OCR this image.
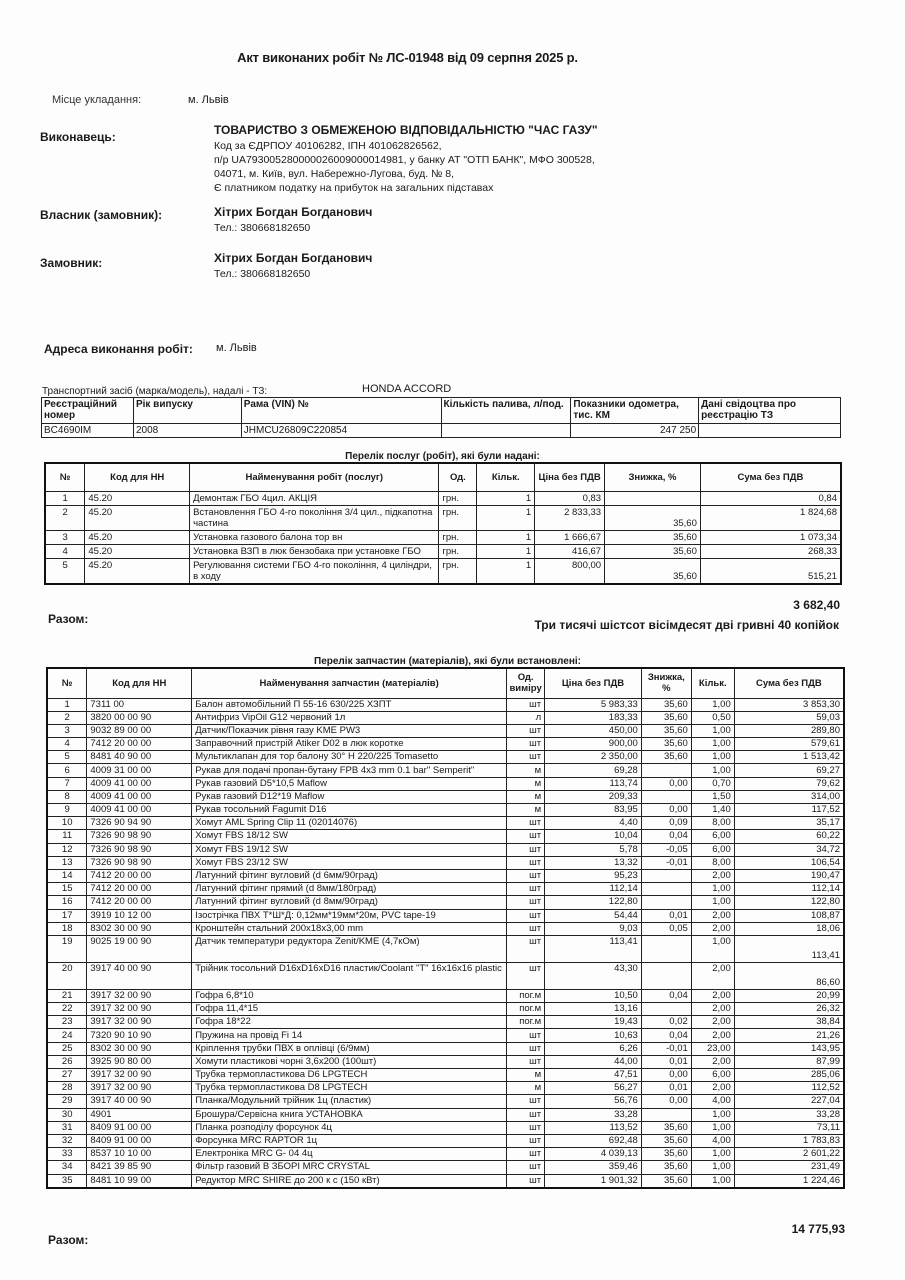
Акт виконаних робіт № ЛС-01948 від 09 серпня 2025 р.
Місце укладання:	м. Львів
Виконавець:	ТОВАРИСТВО З ОБМЕЖЕНОЮ ВІДПОВІДАЛЬНІСТЮ "ЧАС ГАЗУ"
Код за ЄДРПОУ 40106282, ІПН 401062826562,
п/р UA793005280000026009000014981, у банку АТ "ОТП БАНК", МФО 300528,
04071, м. Київ, вул. Набережно-Лугова, буд. № 8,
Є платником податку на прибуток на загальних підставах
Власник (замовник):	Хітрих Богдан Богданович
Тел.: 380668182650
Замовник:	Хітрих Богдан Богданович
Тел.: 380668182650
Адреса виконання робіт: м. Львів
Транспортний засіб (марка/модель), надалі - ТЗ:	HONDA ACCORD
Реєстраційний номер	Рік випуску	Рама (VIN) №	Кількість палива, л/под.	Показники одометра, тис. КМ	Дані свідоцтва про реєстрацію ТЗ
BC4690IM	2008	JHMCU26809C220854		247 250	
Перелік послуг (робіт), які були надані:
№	Код для НН	Найменування робіт (послуг)	Од.	Кільк.	Ціна без ПДВ	Знижка, %	Сума без ПДВ
1	45.20	Демонтаж ГБО 4цил. АКЦІЯ	грн.	1	0,83		0,84
2	45.20	Встановлення ГБО 4-го покоління 3/4 цил., підкапотна частина	грн.	1	2 833,33	35,60	1 824,68
3	45.20	Установка газового балона тор вн	грн.	1	1 666,67	35,60	1 073,34
4	45.20	Установка ВЗП в люк бензобака при установке ГБО	грн.	1	416,67	35,60	268,33
5	45.20	Регулювання системи ГБО 4-го покоління, 4 циліндри, в ходу	грн.	1	800,00	35,60	515,21
Разом:
3 682,40
Три тисячі шістсот вісімдесят дві гривні 40 копійок
Перелік запчастин (матеріалів), які були встановлені:
№	Код для НН	Найменування запчастин (матеріалів)	Од. виміру	Ціна без ПДВ	Знижка, %	Кільк.	Сума без ПДВ
1	7311 00	Балон автомобільний П 55-16 630/225 ХЗПТ	шт	5 983,33	35,60	1,00	3 853,30
2	3820 00 00 90	Антифриз VipOil G12 червоний 1л	л	183,33	35,60	0,50	59,03
3	9032 89 00 00	Датчик/Показчик рівня газу KME PW3	шт	450,00	35,60	1,00	289,80
4	7412 20 00 00	Заправочний пристрій Atiker D02 в люк коротке	шт	900,00	35,60	1,00	579,61
5	8481 40 90 00	Мультиклапан для тор балону 30° H 220/225 Tomasetto	шт	2 350,00	35,60	1,00	1 513,42
6	4009 31 00 00	Рукав для подачі пропан-бутану FPB 4x3 mm 0.1 bar" Semperit"	м	69,28		1,00	69,27
7	4009 41 00 00	Рукав газовий D5*10,5 Maflow	м	113,74	0,00	0,70	79,62
8	4009 41 00 00	Рукав газовий D12*19 Maflow	м	209,33		1,50	314,00
9	4009 41 00 00	Рукав тосольний Fagumit D16	м	83,95	0,00	1,40	117,52
10	7326 90 94 90	Хомут AML Spring Clip 11 (02014076)	шт	4,40	0,09	8,00	35,17
11	7326 90 98 90	Хомут FBS 18/12 SW	шт	10,04	0,04	6,00	60,22
12	7326 90 98 90	Хомут FBS 19/12 SW	шт	5,78	-0,05	6,00	34,72
13	7326 90 98 90	Хомут FBS 23/12 SW	шт	13,32	-0,01	8,00	106,54
14	7412 20 00 00	Латунний фітинг вугловий (d 6мм/90град)	шт	95,23		2,00	190,47
15	7412 20 00 00	Латунний фітинг прямий (d 8мм/180град)	шт	112,14		1,00	112,14
16	7412 20 00 00	Латунний фітинг вугловий (d 8мм/90град)	шт	122,80		1,00	122,80
17	3919 10 12 00	Ізострічка ПВХ Т*Ш*Д: 0,12мм*19мм*20м, PVC tape-19	шт	54,44	0,01	2,00	108,87
18	8302 30 00 90	Кронштейн стальний 200х18х3,00 mm	шт	9,03	0,05	2,00	18,06
19	9025 19 00 90	Датчик температури редуктора Zenit/KME (4,7кОм)	шт	113,41		1,00	113,41
20	3917 40 00 90	Трійник тосольний D16xD16xD16 пластик/Coolant "T" 16x16x16 plastic	шт	43,30		2,00	86,60
21	3917 32 00 90	Гофра 6,8*10	пог.м	10,50	0,04	2,00	20,99
22	3917 32 00 90	Гофра 11,4*15	пог.м	13,16		2,00	26,32
23	3917 32 00 90	Гофра 18*22	пог.м	19,43	0,02	2,00	38,84
24	7320 90 10 90	Пружина на провід Fi 14	шт	10,63	0,04	2,00	21,26
25	8302 30 00 90	Кріплення трубки ПВХ в оплівці (6/9мм)	шт	6,26	-0,01	23,00	143,95
26	3925 90 80 00	Хомути пластикові чорні 3,6х200 (100шт)	шт	44,00	0,01	2,00	87,99
27	3917 32 00 90	Трубка термопластикова D6 LPGTECH	м	47,51	0,00	6,00	285,06
28	3917 32 00 90	Трубка термопластикова D8 LPGTECH	м	56,27	0,01	2,00	112,52
29	3917 40 00 90	Планка/Модульний трійник 1ц (пластик)	шт	56,76	0,00	4,00	227,04
30	4901	Брошура/Сервісна книга УСТАНОВКА	шт	33,28		1,00	33,28
31	8409 91 00 00	Планка розподілу форсунок 4ц	шт	113,52	35,60	1,00	73,11
32	8409 91 00 00	Форсунка MRC RAPTOR 1ц	шт	692,48	35,60	4,00	1 783,83
33	8537 10 10 00	Електроніка MRC G- 04 4ц	шт	4 039,13	35,60	1,00	2 601,22
34	8421 39 85 90	Фільтр газовий В ЗБОРІ MRC CRYSTAL	шт	359,46	35,60	1,00	231,49
35	8481 10 99 00	Редуктор MRC SHIRE до 200 к с (150 кВт)	шт	1 901,32	35,60	1,00	1 224,46
Разом:
14 775,93
